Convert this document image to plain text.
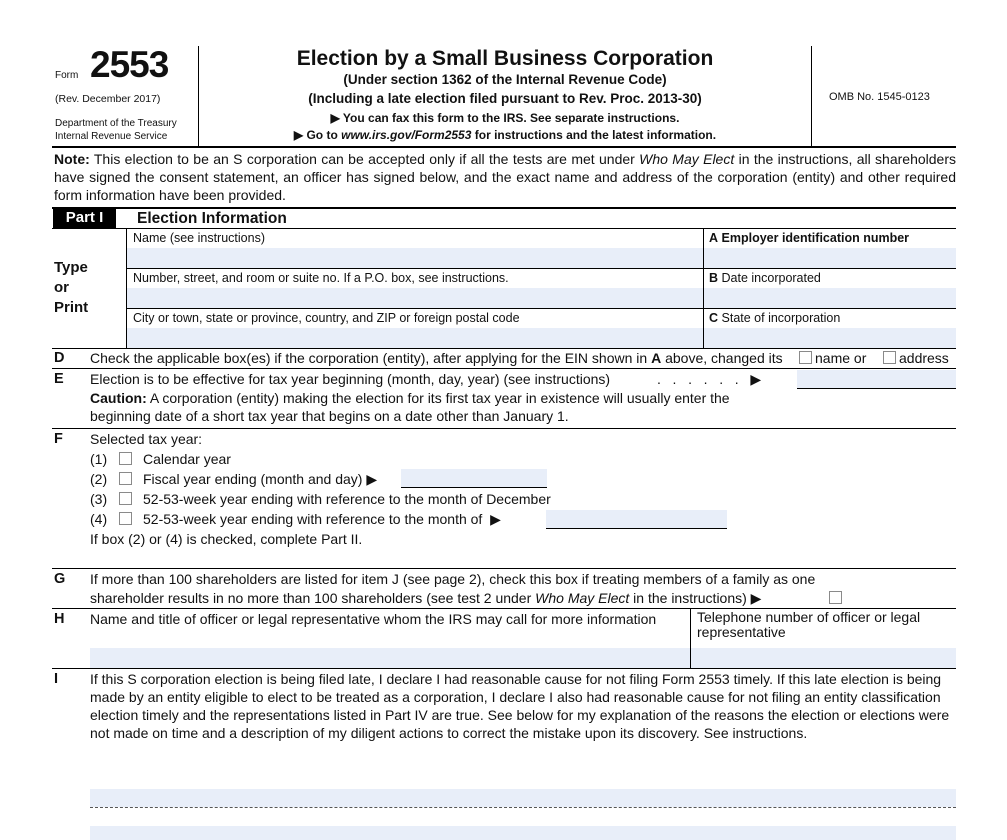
Form 2553
(Rev. December 2017)
Department of the Treasury
Internal Revenue Service
Election by a Small Business Corporation
(Under section 1362 of the Internal Revenue Code)
(Including a late election filed pursuant to Rev. Proc. 2013-30)
▶ You can fax this form to the IRS. See separate instructions.
▶ Go to www.irs.gov/Form2553 for instructions and the latest information.
OMB No. 1545-0123
Note: This election to be an S corporation can be accepted only if all the tests are met under Who May Elect in the instructions, all shareholders have signed the consent statement, an officer has signed below, and the exact name and address of the corporation (entity) and other required form information have been provided.
Part I	Election Information
Type
or
Print
Name (see instructions)	A Employer identification number
Number, street, and room or suite no. If a P.O. box, see instructions.	B Date incorporated
City or town, state or province, country, and ZIP or foreign postal code	C State of incorporation
D Check the applicable box(es) if the corporation (entity), after applying for the EIN shown in A above, changed its name or address
E Election is to be effective for tax year beginning (month, day, year) (see instructions)	.   .   .   .   .   .   ▶
Caution: A corporation (entity) making the election for its first tax year in existence will usually enter the
beginning date of a short tax year that begins on a date other than January 1.
F Selected tax year:
(1)	Calendar year
(2)	Fiscal year ending (month and day) ▶
(3)	52-53-week year ending with reference to the month of December
(4)	52-53-week year ending with reference to the month of  ▶
If box (2) or (4) is checked, complete Part II.
G If more than 100 shareholders are listed for item J (see page 2), check this box if treating members of a family as one
shareholder results in no more than 100 shareholders (see test 2 under Who May Elect in the instructions) ▶
H Name and title of officer or legal representative whom the IRS may call for more information	Telephone number of officer or legal representative
I If this S corporation election is being filed late, I declare I had reasonable cause for not filing Form 2553 timely. If this late election is being made by an entity eligible to elect to be treated as a corporation, I declare I also had reasonable cause for not filing an entity classification election timely and the representations listed in Part IV are true. See below for my explanation of the reasons the election or elections were not made on time and a description of my diligent actions to correct the mistake upon its discovery. See instructions.
